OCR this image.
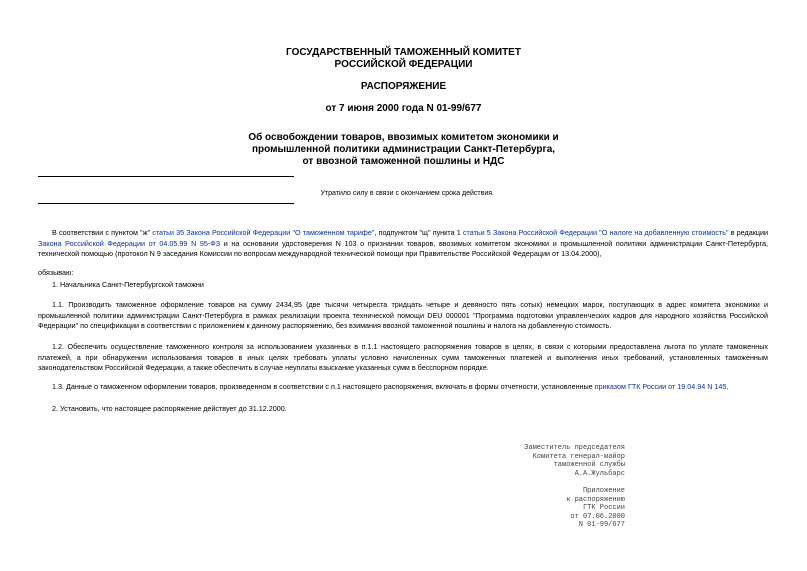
ГОСУДАРСТВЕННЫЙ ТАМОЖЕННЫЙ КОМИТЕТ
РОССИЙСКОЙ ФЕДЕРАЦИИ
РАСПОРЯЖЕНИЕ
от 7 июня 2000 года N 01-99/677
Об освобождении товаров, ввозимых комитетом экономики и
промышленной политики администрации Санкт-Петербурга,
от ввозной таможенной пошлины и НДС
Утратило силу в связи с окончанием срока действия.
В соответствии с пунктом "ж" статьи 35 Закона Российской Федерации "О таможенном тарифе", подпунктом "щ" пункта 1 статьи 5 Закона Российской Федерации "О налоге на добавленную стоимость" в редакции Закона Российской Федерации от 04.05.99 N 95-ФЗ и на основании удостоверения N 103 о признании товаров, ввозимых комитетом экономики и промышленной политики администрации Санкт-Петербурга, технической помощью (протокол N 9 заседания Комиссии по вопросам международной технической помощи при Правительстве Российской Федерации от 13.04.2000),
обязываю:
1. Начальника Санкт-Петербургской таможни
1.1. Производить таможенное оформление товаров на сумму 2434,95 (две тысячи четыреста тридцать четыре и девяносто пять сотых) немецких марок, поступающих в адрес комитета экономики и промышленной политики администрации Санкт-Петербурга в рамках реализации проекта технической помощи DEU 000001 "Программа подготовки управленческих кадров для народного хозяйства Российской Федерации" по спецификации в соответствии с приложением к данному распоряжению, без взимания ввозной таможенной пошлины и налога на добавленную стоимость.
1.2. Обеспечить осуществление таможенного контроля за использованием указанных в п.1.1 настоящего распоряжения товаров в целях, в связи с которыми предоставлена льгота по уплате таможенных платежей, а при обнаружении использования товаров в иных целях требовать уплаты условно начисленных сумм таможенных платежей и выполнения иных требований, установленных таможенным законодательством Российской Федерации, а также обеспечить в случае неуплаты взыскание указанных сумм в бесспорном порядке.
1.3. Данные о таможенном оформлении товаров, произведенном в соответствии с п.1 настоящего распоряжения, включать в формы отчетности, установленные приказом ГТК России от 19.04.94 N 145.
2. Установить, что настоящее распоряжение действует до 31.12.2000.
Заместитель председателя
Комитета генерал-майор
таможенной службы
А.А.Жульбарс
Приложение
к распоряжению
ГТК России
от 07.06.2000
N 01-99/677
